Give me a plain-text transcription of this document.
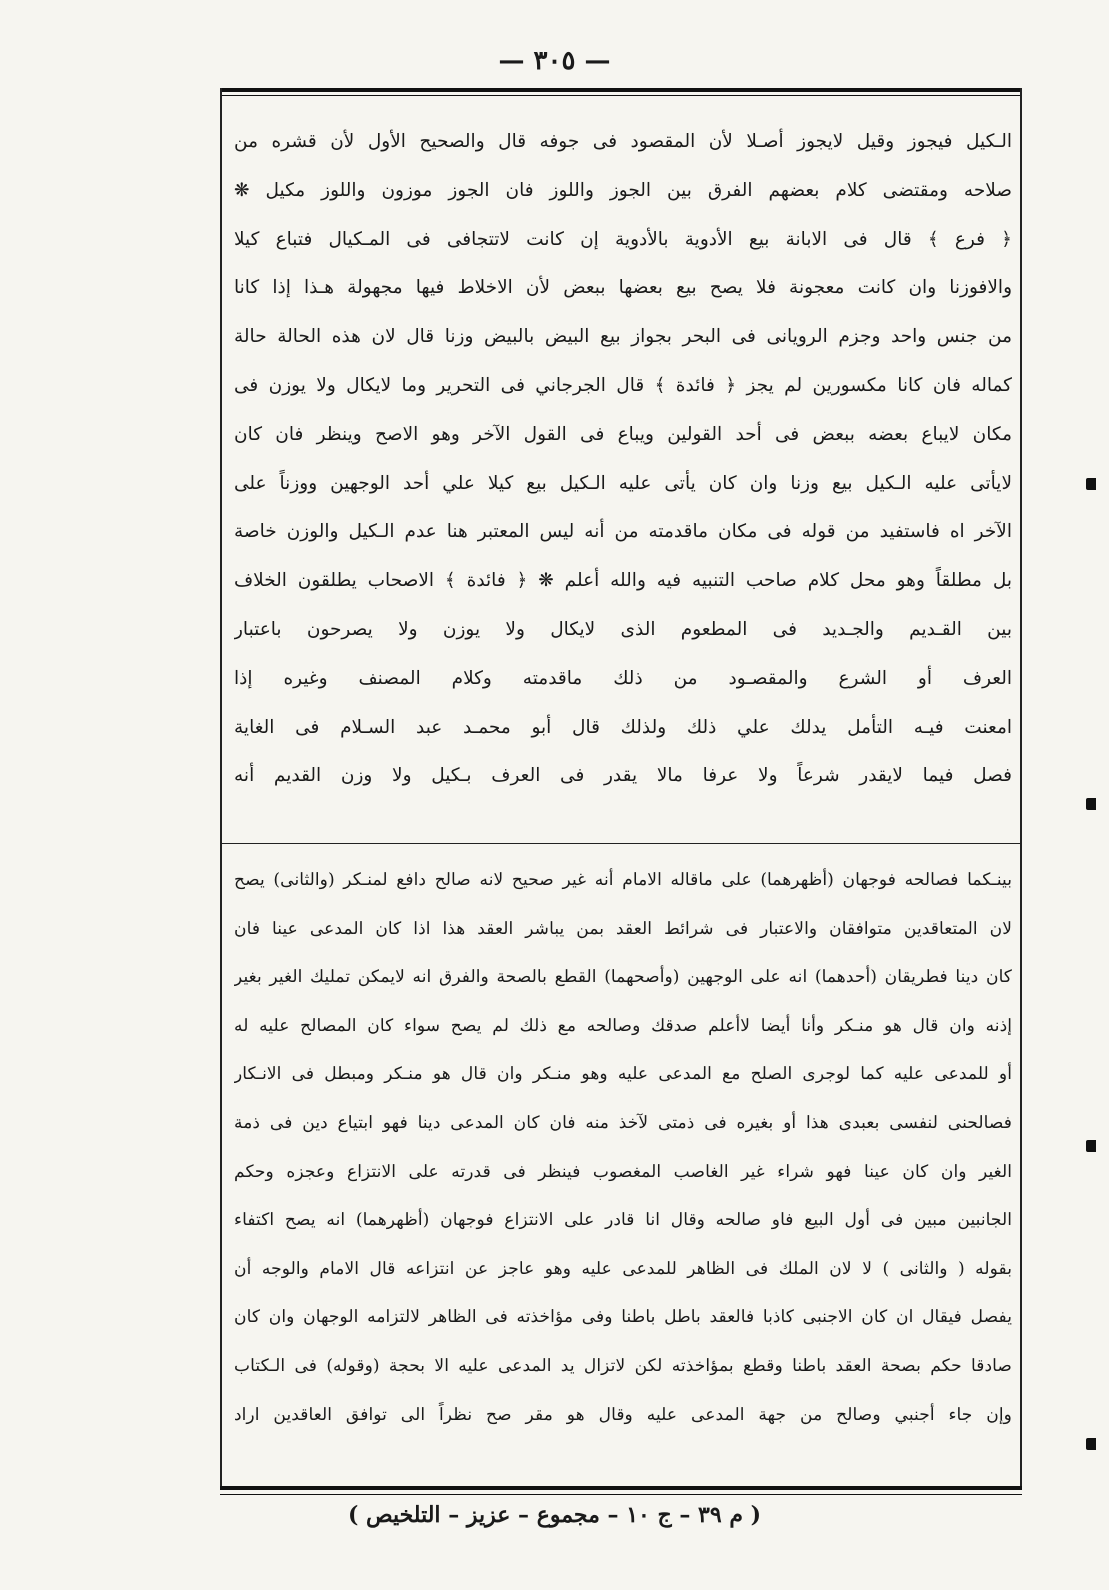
— ٣٠٥ —
الـكيل فيجوز وقيل لايجوز أصـلا لأن المقصود فى جوفه قال والصحيح الأول لأن قشره من
صلاحه ومقتضى كلام بعضهم الفرق بين الجوز واللوز فان الجوز موزون واللوز مكيل ❋
﴿ فرع ﴾ قال فى الابانة بيع الأدوية بالأدوية إن كانت لاتتجافى فى المـكيال فتباع كيلا
والافوزنا وان كانت معجونة فلا يصح بيع بعضها ببعض لأن الاخلاط فيها مجهولة هـذا إذا كانا
من جنس واحد وجزم الرويانى فى البحر بجواز بيع البيض بالبيض وزنا قال لان هذه الحالة حالة
كماله فان كانا مكسورين لم يجز ﴿ فائدة ﴾ قال الجرجاني فى التحرير وما لايكال ولا يوزن فى
مكان لايباع بعضه ببعض فى أحد القولين ويباع فى القول الآخر وهو الاصح وينظر فان كان
لايأتى عليه الـكيل بيع وزنا وان كان يأتى عليه الـكيل بيع كيلا علي أحد الوجهين ووزناً على
الآخر اه فاستفيد من قوله فى مكان ماقدمته من أنه ليس المعتبر هنا عدم الـكيل والوزن خاصة
بل مطلقاً وهو محل كلام صاحب التنبيه فيه والله أعلم ❋ ﴿ فائدة ﴾ الاصحاب يطلقون الخلاف
بين القـديم والجـديد فى المطعوم الذى لايكال ولا يوزن ولا يصرحون باعتبار
العرف أو الشرع والمقصـود من ذلك ماقدمته وكلام المصنف وغيره إذا
امعنت فيـه التأمل يدلك علي ذلك ولذلك قال أبو محمـد عبد السـلام فى الغاية
فصل فيما لايقدر شرعاً ولا عرفا مالا يقدر فى العرف بـكيل ولا وزن القديم أنه
بينـكما فصالحه فوجهان (أظهرهما) على ماقاله الامام أنه غير صحيح لانه صالح دافع لمنـكر (والثانى) يصح
لان المتعاقدين متوافقان والاعتبار فى شرائط العقد بمن يباشر العقد هذا اذا كان المدعى عينا فان
كان دينا فطريقان (أحدهما) انه على الوجهين (وأصحهما) القطع بالصحة والفرق انه لايمكن تمليك الغير بغير
إذنه وان قال هو منـكر وأنا أيضا لاأعلم صدقك وصالحه مع ذلك لم يصح سواء كان المصالح عليه له
أو للمدعى عليه كما لوجرى الصلح مع المدعى عليه وهو منـكر وان قال هو منـكر ومبطل فى الانـكار
فصالحنى لنفسى بعبدى هذا أو بغيره فى ذمتى لآخذ منه فان كان المدعى دينا فهو ابتياع دين فى ذمة
الغير وان كان عينا فهو شراء غير الغاصب المغصوب فينظر فى قدرته على الانتزاع وعجزه وحكم
الجانبين مبين فى أول البيع فاو صالحه وقال انا قادر على الانتزاع فوجهان (أظهرهما) انه يصح اكتفاء
بقوله ( والثانى ) لا لان الملك فى الظاهر للمدعى عليه وهو عاجز عن انتزاعه قال الامام والوجه أن
يفصل فيقال ان كان الاجنبى كاذبا فالعقد باطل باطنا وفى مؤاخذته فى الظاهر لالتزامه الوجهان وان كان
صادقا حكم بصحة العقد باطنا وقطع بمؤاخذته لكن لاتزال يد المدعى عليه الا بحجة (وقوله) فى الـكتاب
وإن جاء أجنبي وصالح من جهة المدعى عليه وقال هو مقر صح نظراً الى توافق العاقدين اراد
( م ٣٩ – ج ١٠ – مجموع – عزيز – التلخيص )
